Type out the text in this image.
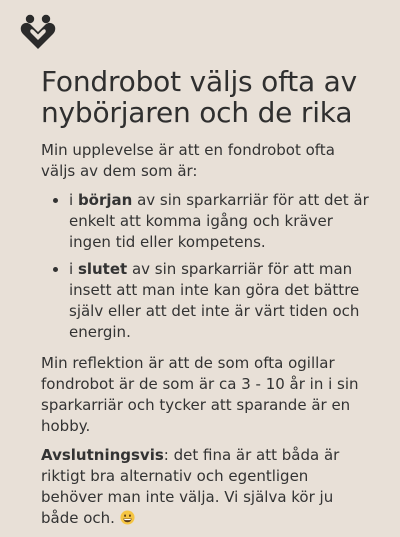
Fondrobot väljs ofta av nybörjaren och de rika

Min upplevelse är att en fondrobot ofta väljs av dem som är:

• i början av sin sparkarriär för att det är enkelt att komma igång och kräver ingen tid eller kompetens.
• i slutet av sin sparkarriär för att man insett att man inte kan göra det bättre själv eller att det inte är värt tiden och energin.

Min reflektion är att de som ofta ogillar fondrobot är de som är ca 3 - 10 år in i sin sparkarriär och tycker att sparande är en hobby.

Avslutningsvis: det fina är att båda är riktigt bra alternativ och egentligen behöver man inte välja. Vi själva kör ju både och.
